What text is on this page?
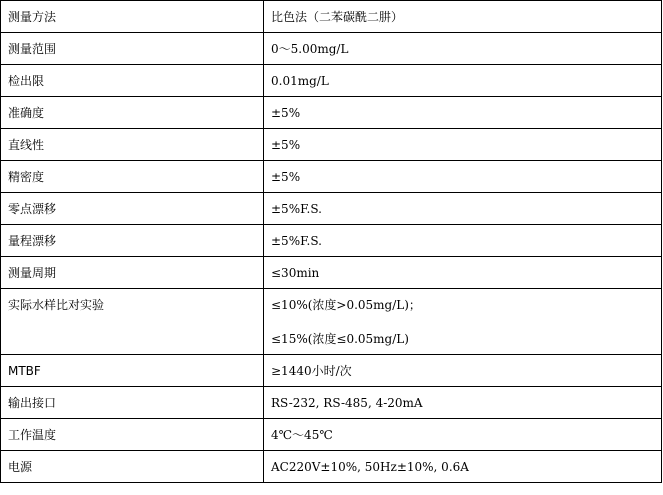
测量方法	比色法（二苯碳酰二肼）
测量范围	0～5.00mg/L
检出限	0.01mg/L
准确度	±5%
直线性	±5%
精密度	±5%
零点漂移	±5%F.S.
量程漂移	±5%F.S.
测量周期	≤30min
实际水样比对实验	≤10%(浓度>0.05mg/L)；
≤15%(浓度≤0.05mg/L)

MTBF	≥1440小时/次
输出接口	RS-232, RS-485, 4-20mA
工作温度	4℃～45℃
电源	AC220V±10%, 50Hz±10%, 0.6A
